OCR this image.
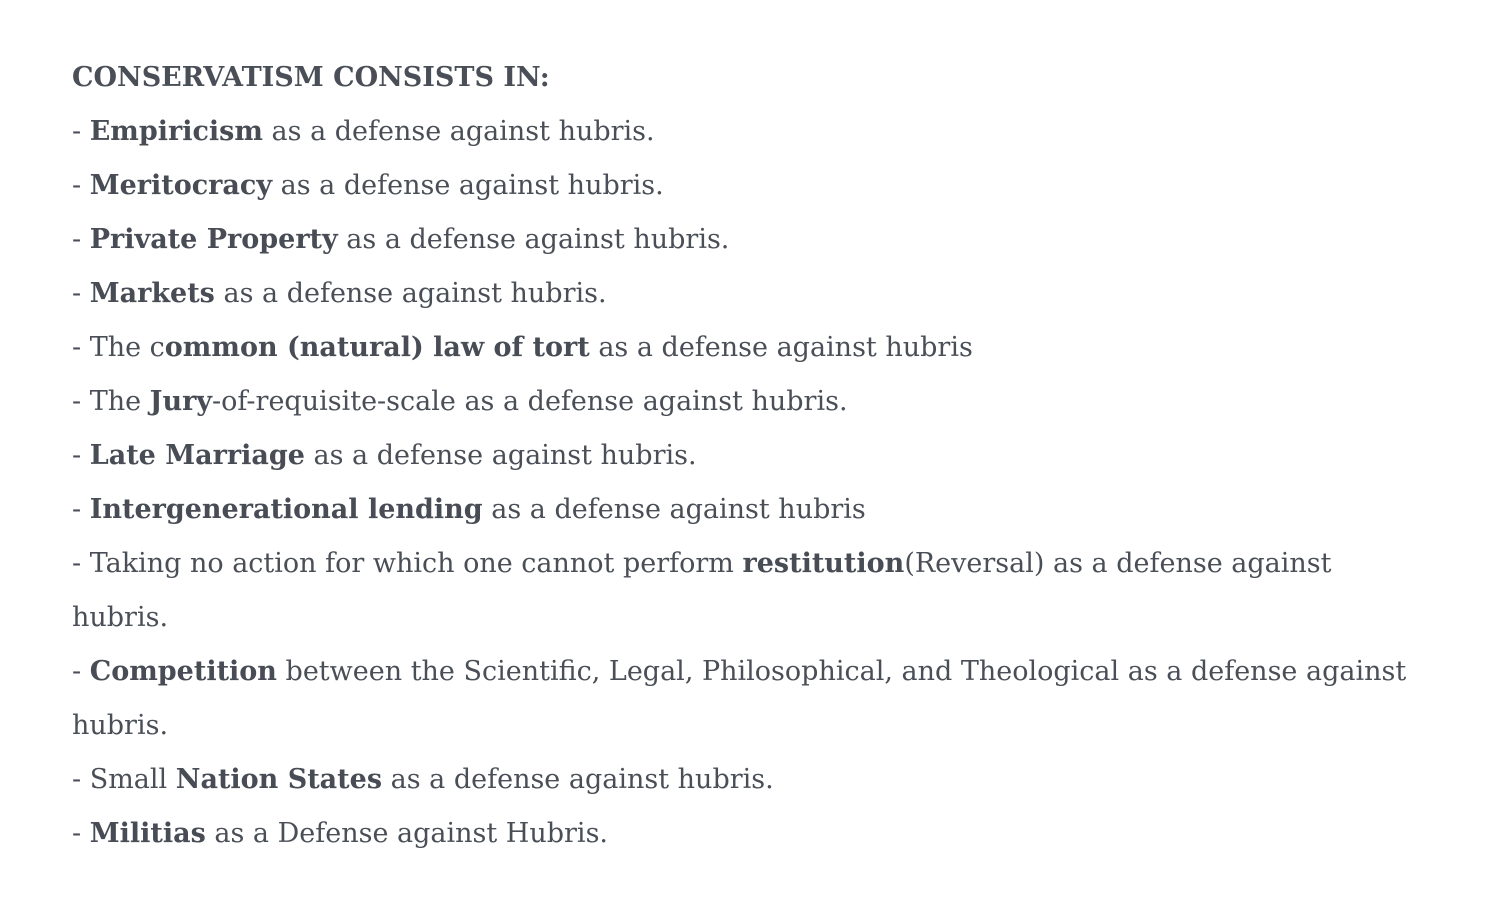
CONSERVATISM CONSISTS IN:

- Empiricism as a defense against hubris.

- Meritocracy as a defense against hubris.

- Private Property as a defense against hubris.

- Markets as a defense against hubris.

- The common (natural) law of tort as a defense against hubris

- The Jury-of-requisite-scale as a defense against hubris.

- Late Marriage as a defense against hubris.

- Intergenerational lending as a defense against hubris

- Taking no action for which one cannot perform restitution(Reversal) as a defense against hubris.

- Competition between the Scientific, Legal, Philosophical, and Theological as a defense against hubris.

- Small Nation States as a defense against hubris.

- Militias as a Defense against Hubris.
